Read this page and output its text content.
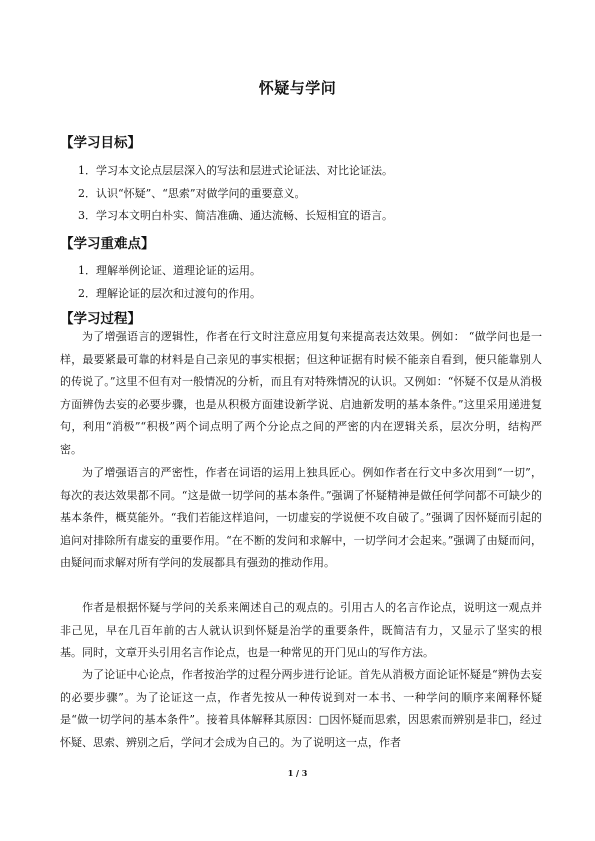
怀疑与学问
【学习目标】
1．学习本文论点层层深入的写法和层进式论证法、对比论证法。
2．认识“怀疑”、“思索”对做学问的重要意义。
3．学习本文明白朴实、简洁准确、通达流畅、长短相宜的语言。
【学习重难点】
1．理解举例论证、道理论证的运用。
2．理解论证的层次和过渡句的作用。
【学习过程】

为了增强语言的逻辑性，作者在行文时注意应用复句来提高表达效果。例如： “做学问也是一样，最要紧最可靠的材料是自己亲见的事实根据；但这种证据有时候不能亲自看到，便只能靠别人的传说了。”这里不但有对一般情况的分析，而且有对特殊情况的认识。又例如：“怀疑不仅是从消极方面辨伪去妄的必要步骤，也是从积极方面建设新学说、启迪新发明的基本条件。”这里采用递进复句，利用“消极”“积极”两个词点明了两个分论点之间的严密的内在逻辑关系，层次分明，结构严密。

为了增强语言的严密性，作者在词语的运用上独具匠心。例如作者在行文中多次用到“一切”，每次的表达效果都不同。“这是做一切学问的基本条件。”强调了怀疑精神是做任何学问都不可缺少的基本条件，概莫能外。“我们若能这样追问，一切虚妄的学说便不攻自破了。”强调了因怀疑而引起的追问对排除所有虚妄的重要作用。“在不断的发问和求解中，一切学问才会起来。”强调了由疑而问，由疑问而求解对所有学问的发展都具有强劲的推动作用。

作者是根据怀疑与学问的关系来阐述自己的观点的。引用古人的名言作论点，说明这一观点并非己见，早在几百年前的古人就认识到怀疑是治学的重要条件，既简洁有力，又显示了坚实的根基。同时，文章开头引用名言作论点，也是一种常见的开门见山的写作方法。

为了论证中心论点，作者按治学的过程分两步进行论证。首先从消极方面论证怀疑是“辨伪去妄的必要步骤”。为了论证这一点，作者先按从一种传说到对一本书、一种学问的顺序来阐释怀疑是“做一切学问的基本条件”。接着具体解释其原因：□因怀疑而思索，因思索而辨别是非□，经过怀疑、思索、辨别之后，学问才会成为自己的。为了说明这一点，作者

1 / 3
